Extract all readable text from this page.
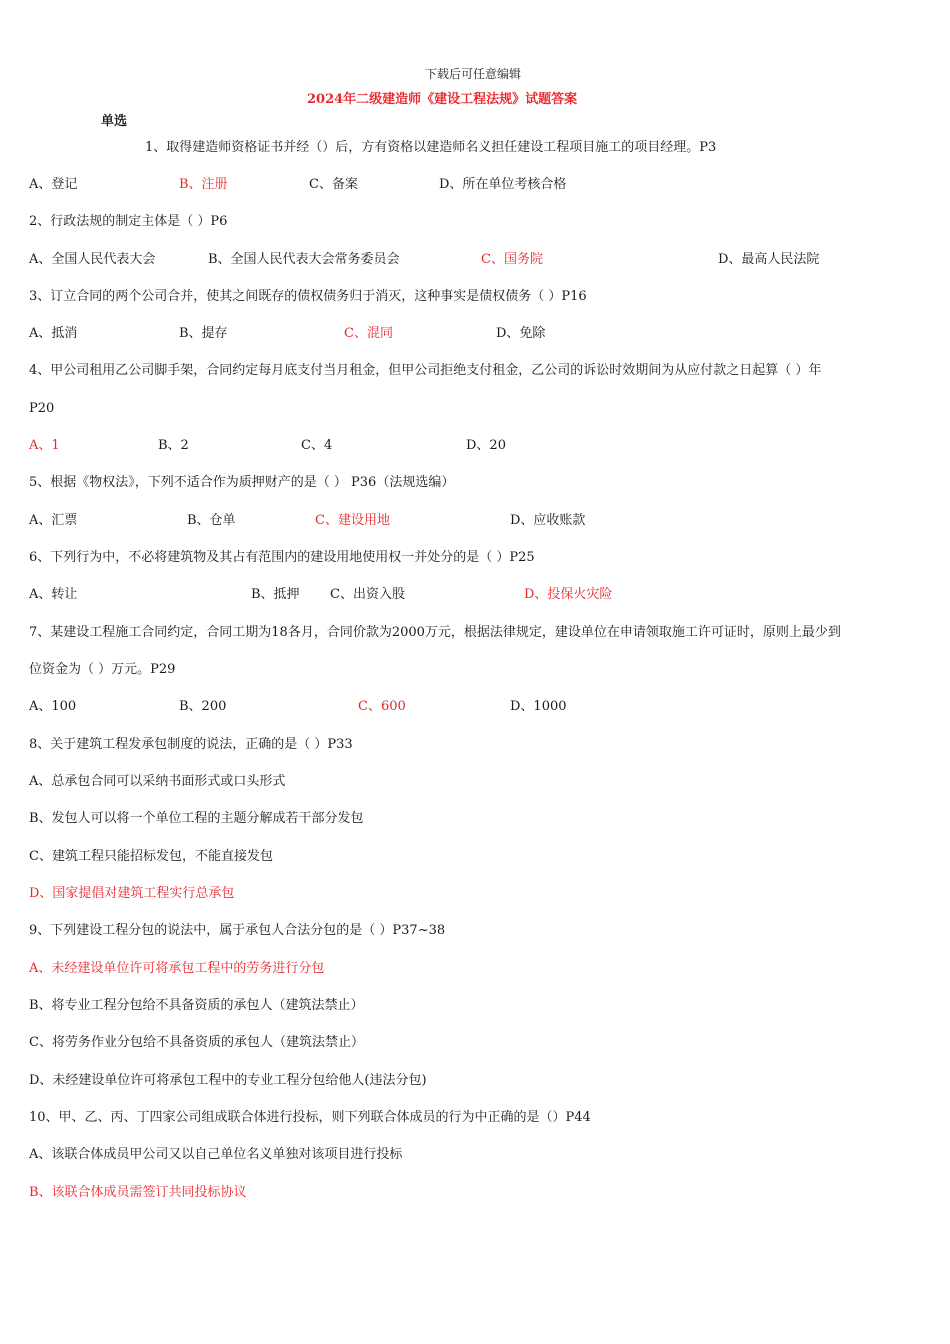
下载后可任意编辑
2024年二级建造师《建设工程法规》试题答案
单选
1、取得建造师资格证书并经（）后，方有资格以建造师名义担任建设工程项目施工的项目经理。P3
A、登记	B、注册	C、备案	D、所在单位考核合格
2、行政法规的制定主体是（ ）P6
A、全国人民代表大会	B、全国人民代表大会常务委员会	C、国务院	D、最高人民法院
3、订立合同的两个公司合并，使其之间既存的债权债务归于消灭，这种事实是债权债务（ ）P16
A、抵消	B、提存	C、混同	D、免除
4、甲公司租用乙公司脚手架，合同约定每月底支付当月租金，但甲公司拒绝支付租金，乙公司的诉讼时效期间为从应付款之日起算（ ）年
P20
A、1	B、2	C、4	D、20
5、根据《物权法》，下列不适合作为质押财产的是（ ） P36（法规选编）
A、汇票	B、仓单	C、建设用地	D、应收账款
6、下列行为中，不必将建筑物及其占有范围内的建设用地使用权一并处分的是（ ）P25
A、转让	B、抵押 C、出资入股	D、投保火灾险
7、某建设工程施工合同约定，合同工期为18各月，合同价款为2000万元，根据法律规定，建设单位在申请领取施工许可证时，原则上最少到
位资金为（ ）万元。P29
A、100	B、200	C、600	D、1000
8、关于建筑工程发承包制度的说法，正确的是（ ）P33
A、总承包合同可以采纳书面形式或口头形式
B、发包人可以将一个单位工程的主题分解成若干部分发包
C、建筑工程只能招标发包，不能直接发包
D、国家提倡对建筑工程实行总承包
9、下列建设工程分包的说法中，属于承包人合法分包的是（ ）P37~38
A、未经建设单位许可将承包工程中的劳务进行分包
B、将专业工程分包给不具备资质的承包人（建筑法禁止）
C、将劳务作业分包给不具备资质的承包人（建筑法禁止）
D、未经建设单位许可将承包工程中的专业工程分包给他人(违法分包)
10、甲、乙、丙、丁四家公司组成联合体进行投标，则下列联合体成员的行为中正确的是（）P44
A、该联合体成员甲公司又以自己单位名义单独对该项目进行投标
B、该联合体成员需签订共同投标协议
